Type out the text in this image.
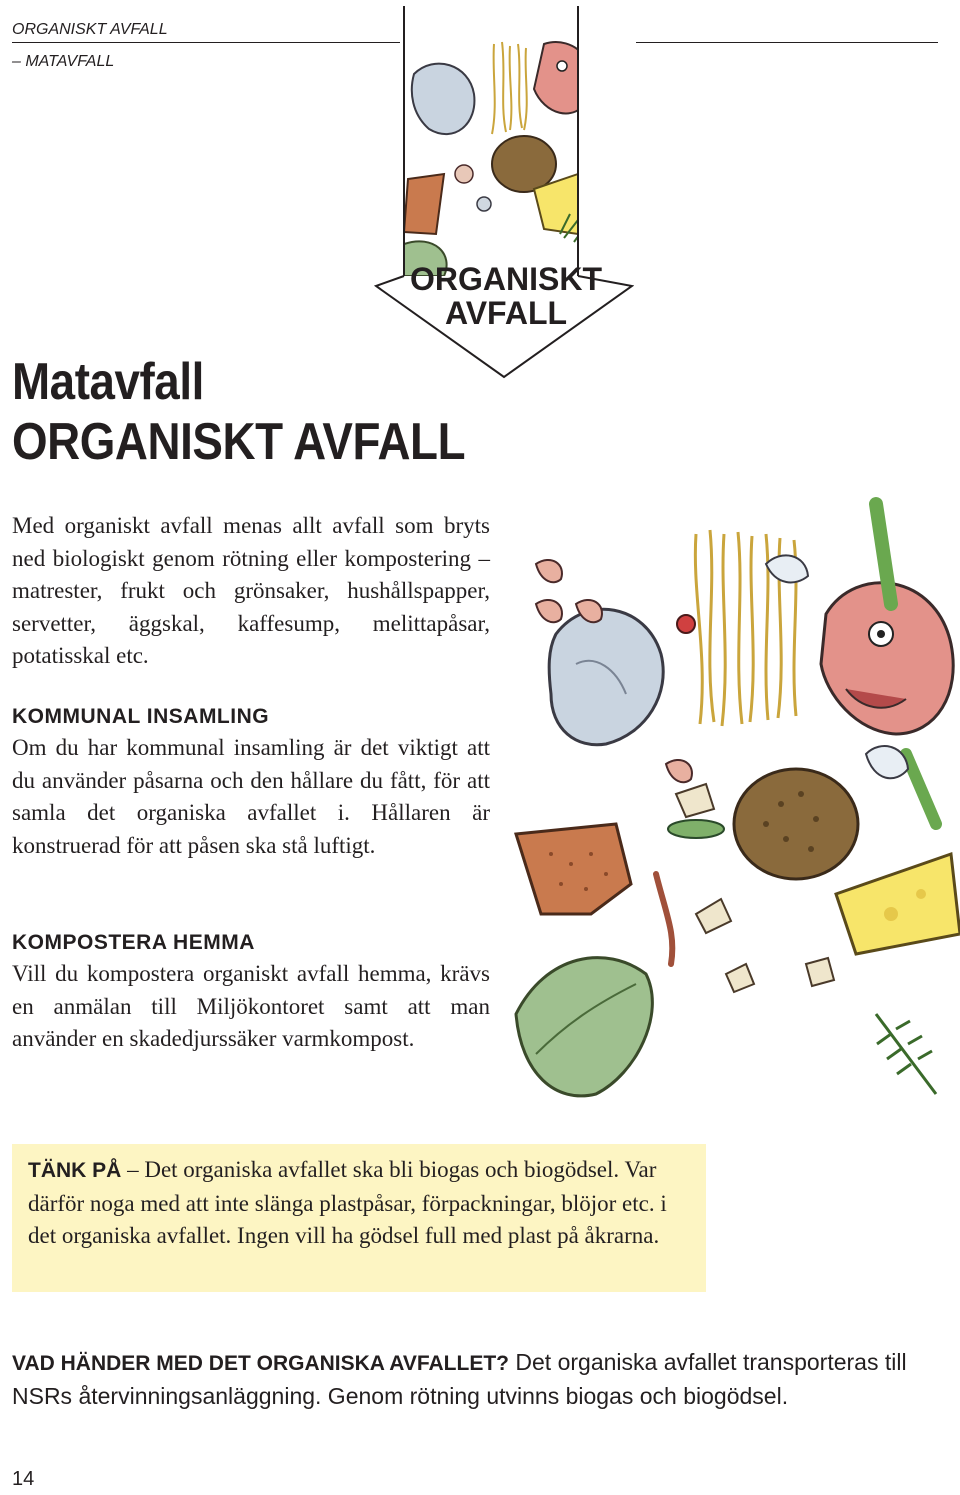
ORGANISKT AVFALL
– MATAVFALL
ORGANISKT
AVFALL
Matavfall
ORGANISKT AVFALL

Med organiskt avfall menas allt avfall som bryts ned biologiskt genom rötning eller kompostering – matrester, frukt och grönsaker, hushållspapper, servetter, äggskal, kaffesump, melittapåsar, potatisskal etc.

KOMMUNAL INSAMLING

Om du har kommunal insamling är det viktigt att du använder påsarna och den hållare du fått, för att samla det organiska avfallet i. Hållaren är konstruerad för att påsen ska stå luftigt.

KOMPOSTERA HEMMA

Vill du kompostera organiskt avfall hemma, krävs en anmälan till Miljökontoret samt att man använder en skadedjurssäker varmkompost.

TÄNK PÅ – Det organiska avfallet ska bli biogas och biogödsel. Var därför noga med att inte slänga plastpåsar, förpackningar, blöjor etc. i det organiska avfallet. Ingen vill ha gödsel full med plast på åkrarna.
VAD HÄNDER MED DET ORGANISKA AVFALLET? Det organiska avfallet transporteras till NSRs återvinningsanläggning. Genom rötning utvinns biogas och biogödsel.
14
